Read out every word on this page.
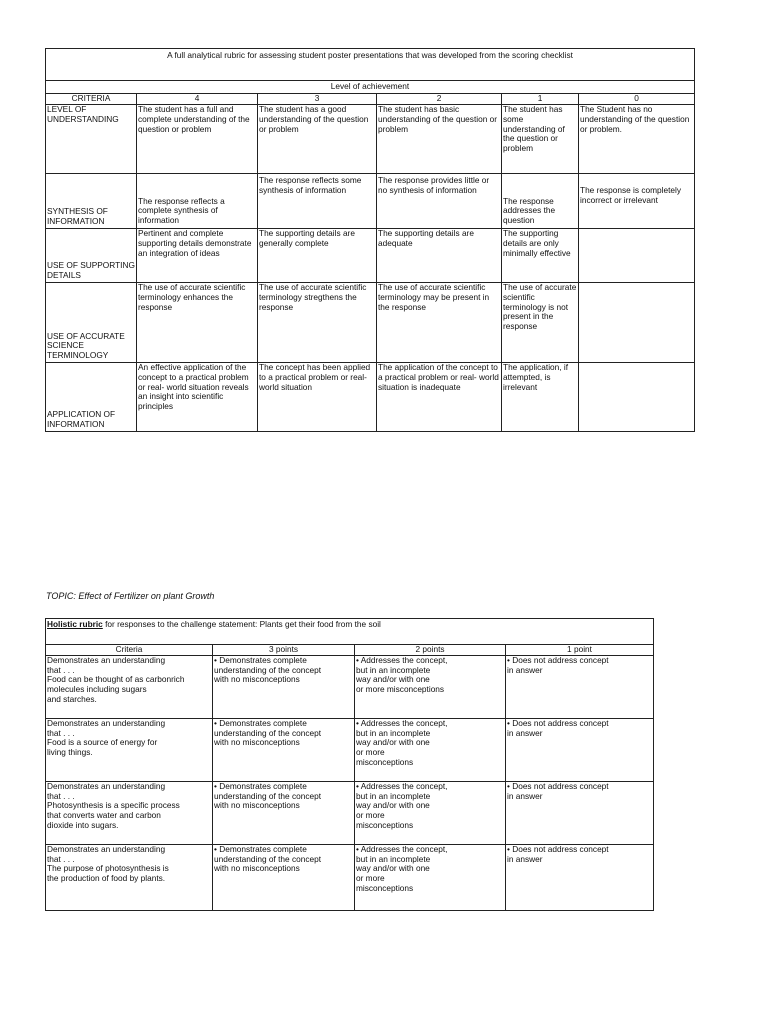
A full analytical rubric for assessing student poster presentations that was developed from the scoring checklist					
Level of achievement					
CRITERIA	4	3	2	1	0
LEVEL OF UNDERSTANDING	The student has a full and complete understanding of the question or problem	The student has a good understanding of the question or problem	The student has basic understanding of the question or problem	The student has some understanding of the question or problem	The Student has no understanding of the question or problem.
SYNTHESIS OF INFORMATION	The response reflects a complete synthesis of information	The response reflects some synthesis of information	The response provides little or no synthesis of information	The response addresses the question	The response is completely incorrect or irrelevant
USE OF SUPPORTING DETAILS	Pertinent and complete supporting details demonstrate an integration of ideas	The supporting details are generally complete	The supporting details are adequate	The supporting details are only minimally effective	
USE OF ACCURATE SCIENCE TERMINOLOGY	The use of accurate scientific terminology enhances the response	The use of accurate scientific terminology stregthens the response	The use of accurate scientific terminology may be present in the response	The use of accurate scientific terminology is not present in the response	
APPLICATION OF INFORMATION	An effective application of the concept to a practical problem or real- world situation reveals an insight into scientific principles	The concept has been applied to a practical problem or real- world situation	The application of the concept to a practical problem or real- world situation is inadequate	The application, if attempted, is irrelevant	
TOPIC: Effect of Fertilizer on plant Growth
Holistic rubric for responses to the challenge statement: Plants get their food from the soil			
Criteria	3 points	2 points	1 point
Demonstrates an understanding
that . . .
Food can be thought of as carbonrich
molecules including sugars
and starches.	• Demonstrates complete
understanding of the concept
with no misconceptions	• Addresses the concept,
but in an incomplete
way and/or with one
or more misconceptions	• Does not address concept
in answer
Demonstrates an understanding
that . . .
Food is a source of energy for
living things.	• Demonstrates complete
understanding of the concept
with no misconceptions	• Addresses the concept,
but in an incomplete
way and/or with one
or more
misconceptions	• Does not address concept
in answer
Demonstrates an understanding
that . . .
Photosynthesis is a specific process
that converts water and carbon
dioxide into sugars.	• Demonstrates complete
understanding of the concept
with no misconceptions	• Addresses the concept,
but in an incomplete
way and/or with one
or more
misconceptions	• Does not address concept
in answer
Demonstrates an understanding
that . . .
The purpose of photosynthesis is
the production of food by plants.	• Demonstrates complete
understanding of the concept
with no misconceptions	• Addresses the concept,
but in an incomplete
way and/or with one
or more
misconceptions	• Does not address concept
in answer
